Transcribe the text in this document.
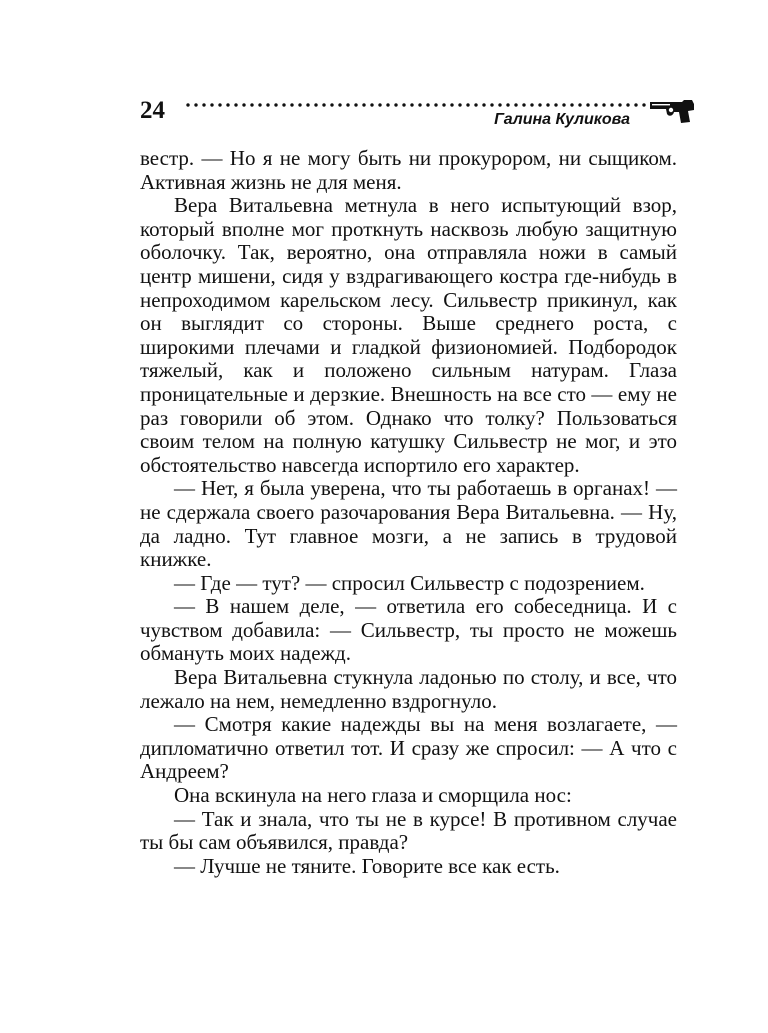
24	Галина Куликова

вестр. — Но я не могу быть ни прокурором, ни сыщиком. Активная жизнь не для меня.

Вера Витальевна метнула в него испытующий взор, который вполне мог проткнуть насквозь любую защитную оболочку. Так, вероятно, она отправляла ножи в самый центр мишени, сидя у вздрагивающего костра где-нибудь в непроходимом карельском лесу. Сильвестр прикинул, как он выглядит со стороны. Выше среднего роста, с широкими плечами и гладкой физиономией. Подбородок тяжелый, как и положено сильным натурам. Глаза проницательные и дерзкие. Внешность на все сто — ему не раз говорили об этом. Однако что толку? Пользоваться своим телом на полную катушку Сильвестр не мог, и это обстоятельство навсегда испортило его характер.

— Нет, я была уверена, что ты работаешь в органах! — не сдержала своего разочарования Вера Витальевна. — Ну, да ладно. Тут главное мозги, а не запись в трудовой книжке.

— Где — тут? — спросил Сильвестр с подозрением.

— В нашем деле, — ответила его собеседница. И с чувством добавила: — Сильвестр, ты просто не можешь обмануть моих надежд.

Вера Витальевна стукнула ладонью по столу, и все, что лежало на нем, немедленно вздрогнуло.

— Смотря какие надежды вы на меня возлагаете, — дипломатично ответил тот. И сразу же спросил: — А что с Андреем?

Она вскинула на него глаза и сморщила нос:

— Так и знала, что ты не в курсе! В противном случае ты бы сам объявился, правда?

— Лучше не тяните. Говорите все как есть.
